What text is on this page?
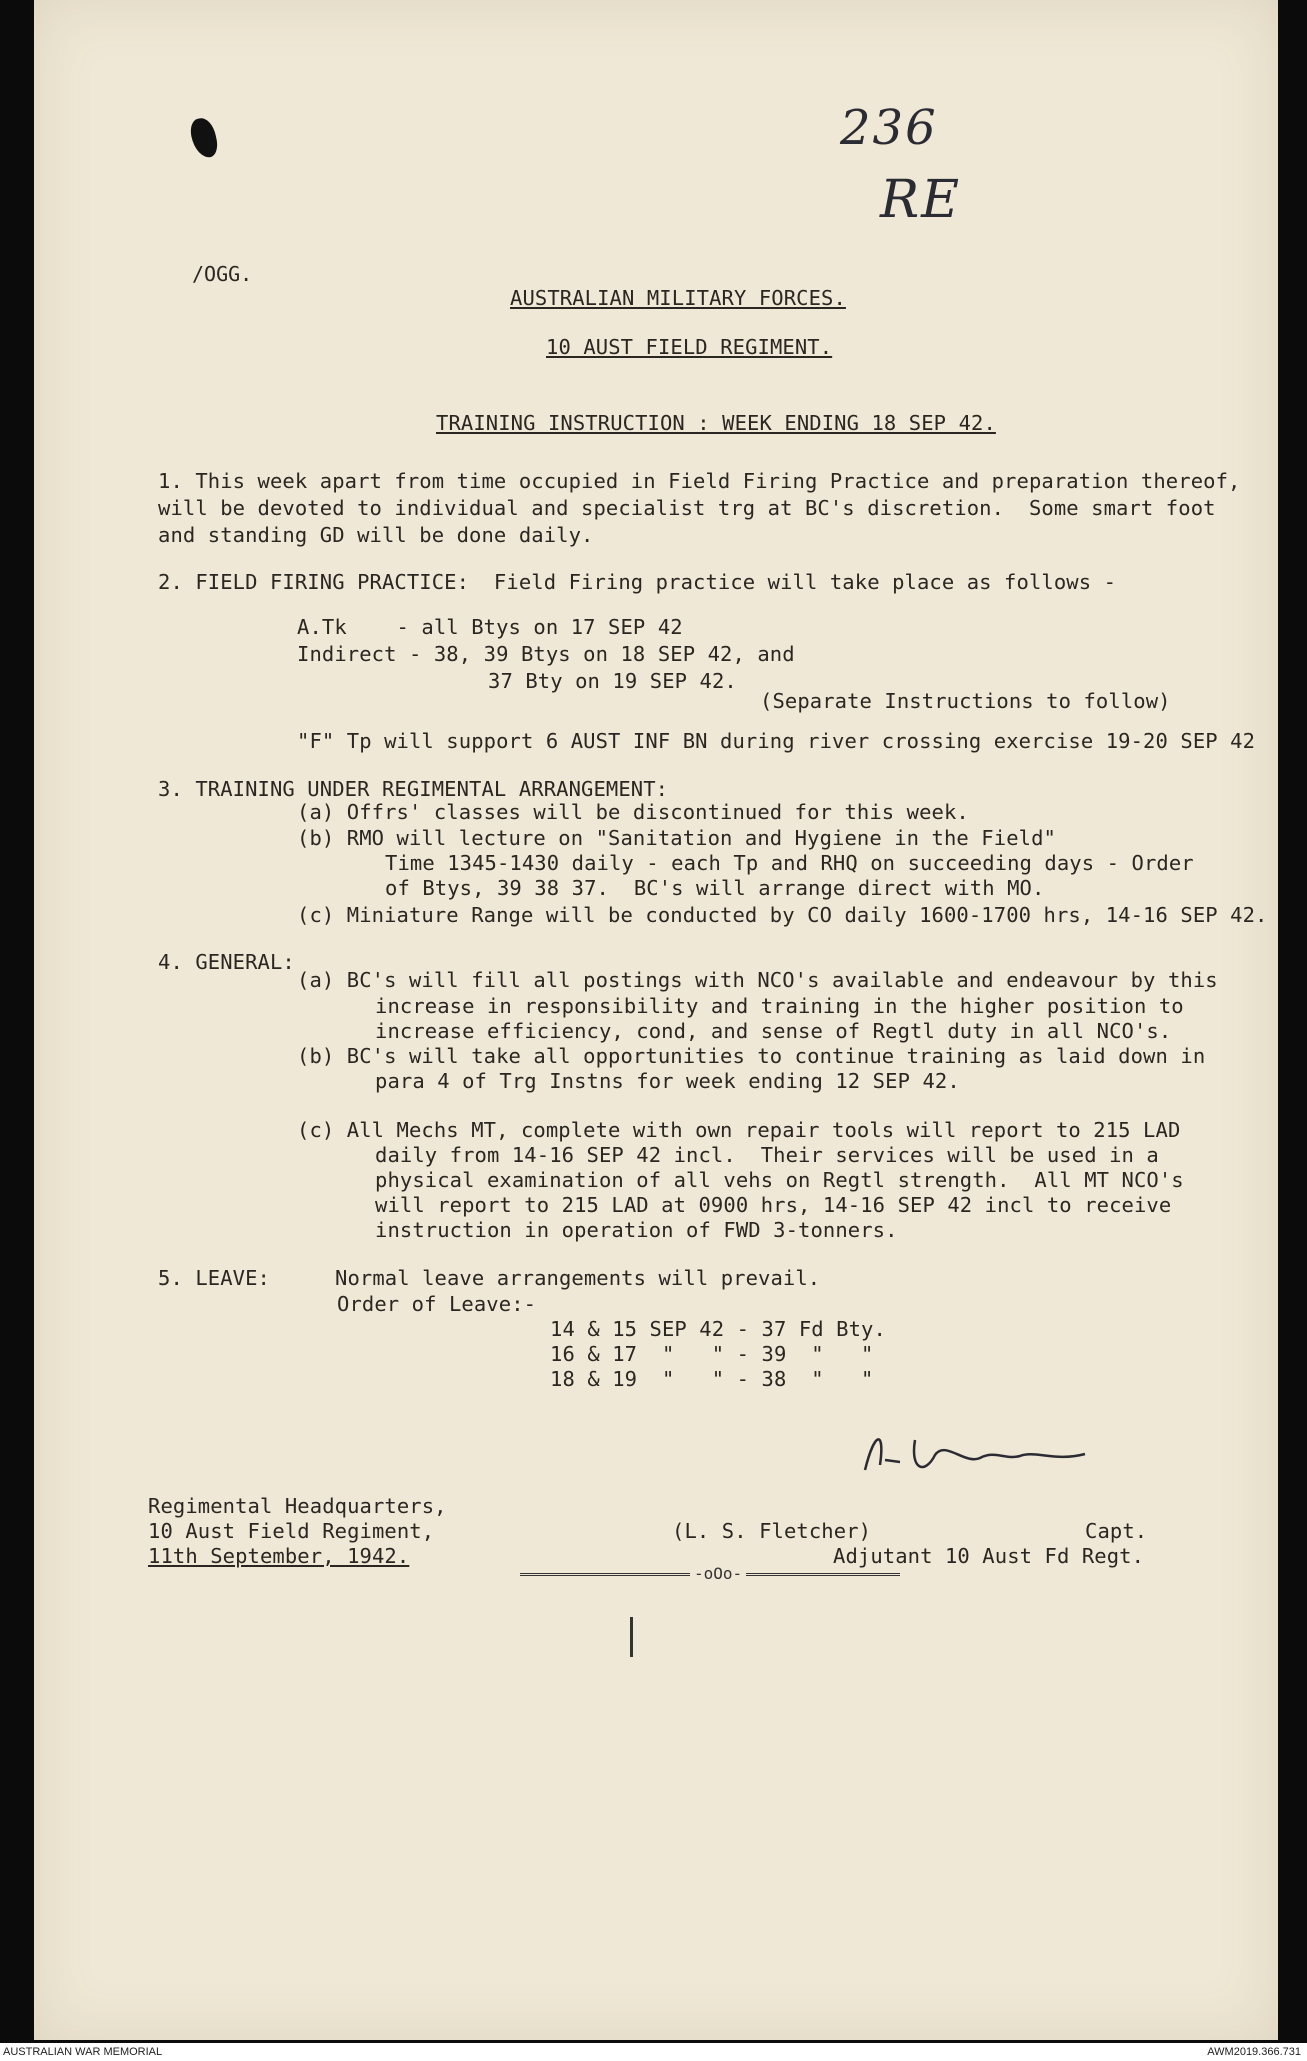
236
RE
/OGG.
AUSTRALIAN MILITARY FORCES.
10 AUST FIELD REGIMENT.
TRAINING INSTRUCTION : WEEK ENDING 18 SEP 42.
1. This week apart from time occupied in Field Firing Practice and preparation thereof,
will be devoted to individual and specialist trg at BC's discretion.  Some smart foot
and standing GD will be done daily.
2. FIELD FIRING PRACTICE:  Field Firing practice will take place as follows -
A.Tk    - all Btys on 17 SEP 42
Indirect - 38, 39 Btys on 18 SEP 42, and
37 Bty on 19 SEP 42.
(Separate Instructions to follow)
"F" Tp will support 6 AUST INF BN during river crossing exercise 19-20 SEP 42
3. TRAINING UNDER REGIMENTAL ARRANGEMENT:
(a) Offrs' classes will be discontinued for this week.
(b) RMO will lecture on "Sanitation and Hygiene in the Field"
Time 1345-1430 daily - each Tp and RHQ on succeeding days - Order
of Btys, 39 38 37.  BC's will arrange direct with MO.
(c) Miniature Range will be conducted by CO daily 1600-1700 hrs, 14-16 SEP 42.
4. GENERAL:
(a) BC's will fill all postings with NCO's available and endeavour by this
increase in responsibility and training in the higher position to
increase efficiency, cond, and sense of Regtl duty in all NCO's.
(b) BC's will take all opportunities to continue training as laid down in
para 4 of Trg Instns for week ending 12 SEP 42.
(c) All Mechs MT, complete with own repair tools will report to 215 LAD
daily from 14-16 SEP 42 incl.  Their services will be used in a
physical examination of all vehs on Regtl strength.  All MT NCO's
will report to 215 LAD at 0900 hrs, 14-16 SEP 42 incl to receive
instruction in operation of FWD 3-tonners.
5. LEAVE:	Normal leave arrangements will prevail.
Order of Leave:-
14 & 15 SEP 42 - 37 Fd Bty.
16 & 17  "   " - 39  "   "
18 & 19  "   " - 38  "   "
Regimental Headquarters,
10 Aust Field Regiment,
11th September, 1942.
(L. S. Fletcher)	Capt.
Adjutant 10 Aust Fd Regt.
-oOo-
AUSTRALIAN WAR MEMORIAL	AWM2019.366.731
